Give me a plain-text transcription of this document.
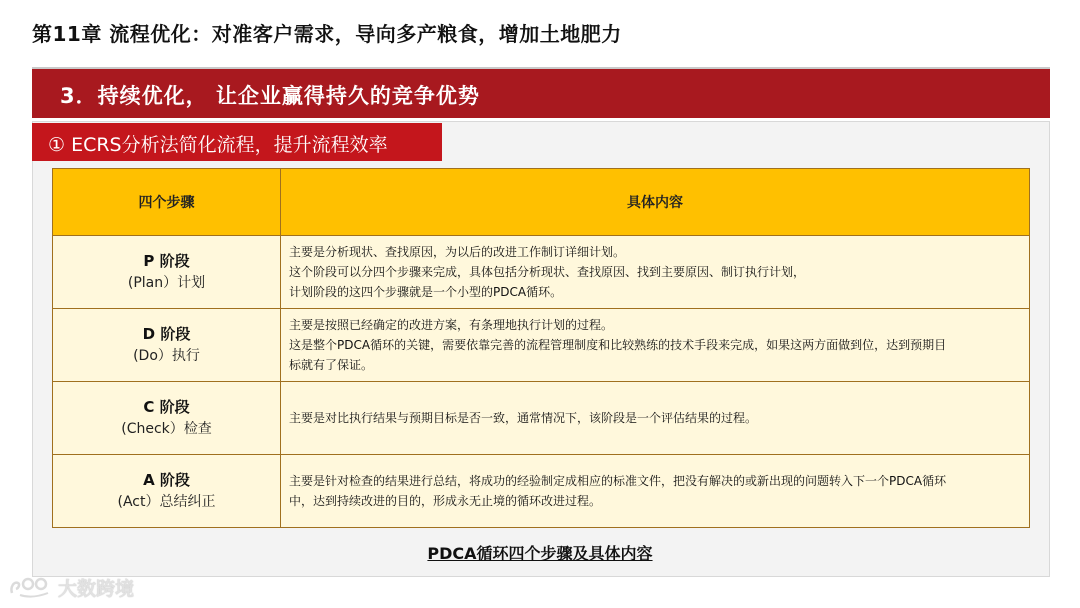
第11章 流程优化：对准客户需求，导向多产粮食，增加土地肥力
3．持续优化， 让企业赢得持久的竞争优势
① ECRS分析法简化流程，提升流程效率
四个步骤	具体内容

P 阶段
(Plan）计划	主要是分析现状、查找原因，为以后的改进工作制订详细计划。
这个阶段可以分四个步骤来完成，具体包括分析现状、查找原因、找到主要原因、制订执行计划，
计划阶段的这四个步骤就是一个小型的PDCA循环。

D 阶段
(Do）执行	主要是按照已经确定的改进方案，有条理地执行计划的过程。
这是整个PDCA循环的关键，需要依靠完善的流程管理制度和比较熟练的技术手段来完成，如果这两方面做到位，达到预期目
标就有了保证。

C 阶段
(Check）检查	主要是对比执行结果与预期目标是否一致，通常情况下，该阶段是一个评估结果的过程。

A 阶段
(Act）总结纠正	主要是针对检查的结果进行总结，将成功的经验制定成相应的标准文件，把没有解决的或新出现的问题转入下一个PDCA循环
中，达到持续改进的目的，形成永无止境的循环改进过程。
PDCA循环四个步骤及具体内容
大数跨境
